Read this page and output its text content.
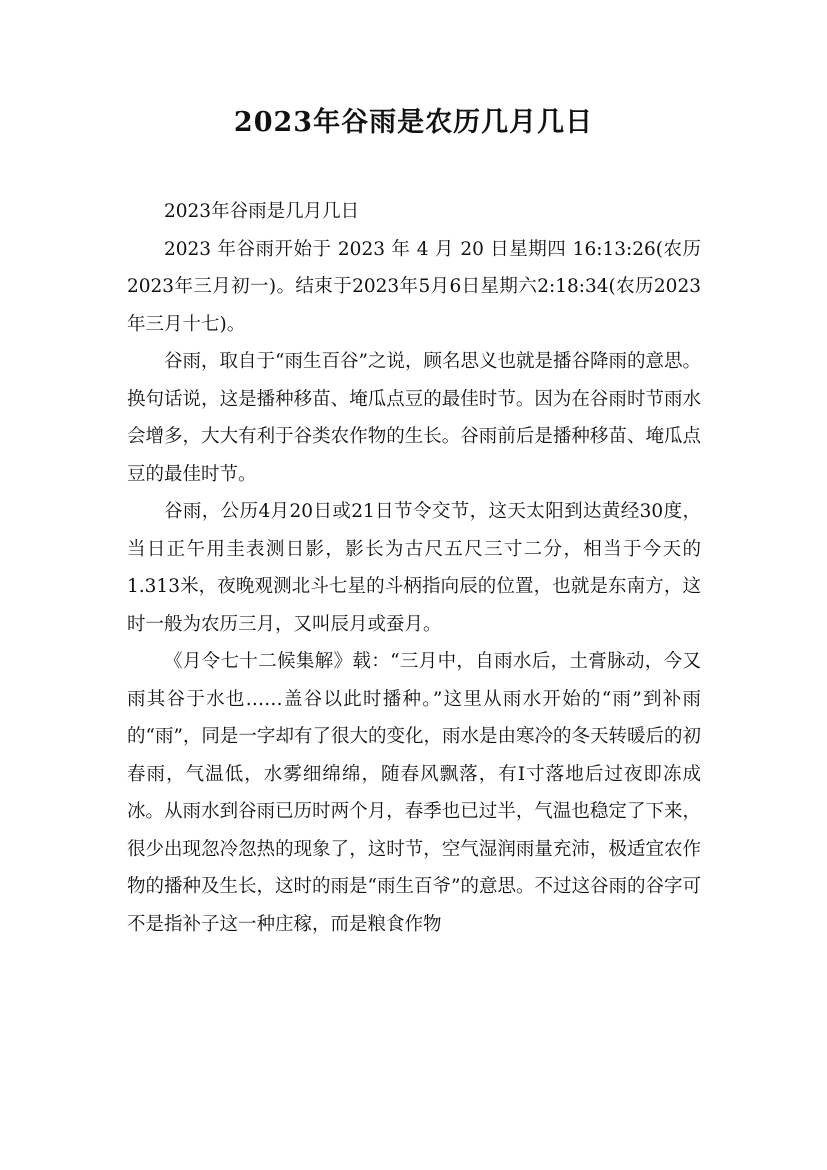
2023年谷雨是农历几月几日

2023年谷雨是几月几日

2023 年谷雨开始于 2023 年 4 月 20 日星期四 16:13:26(农历2023年三月初一)。结束于2023年5月6日星期六2:18:34(农历2023年三月十七)。

谷雨，取自于“雨生百谷”之说，顾名思义也就是播谷降雨的意思。换句话说，这是播种移苗、埯瓜点豆的最佳时节。因为在谷雨时节雨水会增多，大大有利于谷类农作物的生长。谷雨前后是播种移苗、埯瓜点豆的最佳时节。

谷雨，公历4月20日或21日节令交节，这天太阳到达黄经30度，当日正午用圭表测日影，影长为古尺五尺三寸二分，相当于今天的1.313米，夜晚观测北斗七星的斗柄指向辰的位置，也就是东南方，这时一般为农历三月，又叫辰月或蚕月。

《月令七十二候集解》载：“三月中，自雨水后，土膏脉动，今又雨其谷于水也……盖谷以此时播种。”这里从雨水开始的“雨”到补雨的“雨”，同是一字却有了很大的变化，雨水是由寒冷的冬天转暖后的初春雨，气温低，水雾细绵绵，随春风飘落，有Ⅰ寸落地后过夜即冻成冰。从雨水到谷雨已历时两个月，春季也已过半，气温也稳定了下来，很少出现忽冷忽热的现象了，这时节，空气湿润雨量充沛，极适宜农作物的播种及生长，这时的雨是“雨生百爷”的意思。不过这谷雨的谷字可不是指补子这一种庄稼，而是粮食作物
